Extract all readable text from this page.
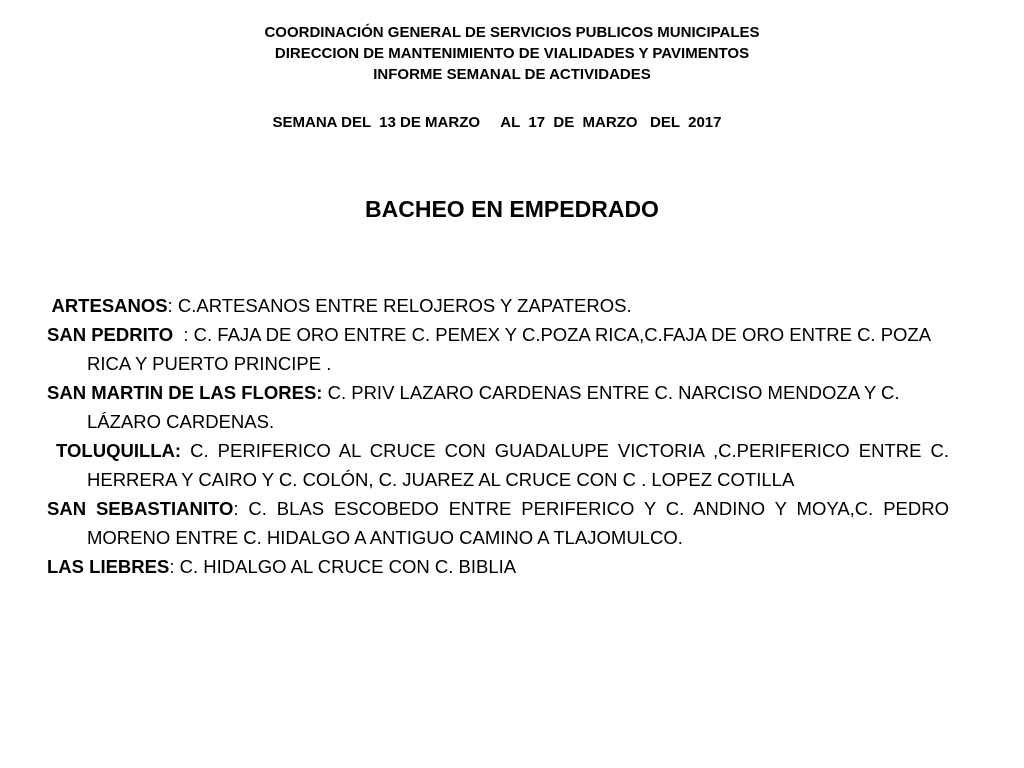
COORDINACIÓN GENERAL DE SERVICIOS PUBLICOS MUNICIPALES
DIRECCION DE MANTENIMIENTO DE VIALIDADES Y PAVIMENTOS
INFORME SEMANAL DE ACTIVIDADES
SEMANA DEL  13 DE MARZO     AL  17  DE  MARZO   DEL  2017
BACHEO EN EMPEDRADO

ARTESANOS: C.ARTESANOS ENTRE RELOJEROS Y ZAPATEROS.

SAN PEDRITO  : C. FAJA DE ORO ENTRE C. PEMEX Y C.POZA RICA,C.FAJA DE ORO ENTRE C. POZA RICA Y PUERTO PRINCIPE .

SAN MARTIN DE LAS FLORES: C. PRIV LAZARO CARDENAS ENTRE C. NARCISO MENDOZA Y C. LÁZARO CARDENAS.

TOLUQUILLA: C. PERIFERICO AL CRUCE CON GUADALUPE VICTORIA ,C.PERIFERICO ENTRE C. HERRERA Y CAIRO Y C. COLÓN, C. JUAREZ AL CRUCE CON C . LOPEZ COTILLA

SAN SEBASTIANITO: C. BLAS ESCOBEDO ENTRE PERIFERICO Y C. ANDINO Y MOYA,C. PEDRO MORENO ENTRE C. HIDALGO A ANTIGUO CAMINO A TLAJOMULCO.

LAS LIEBRES: C. HIDALGO AL CRUCE CON C. BIBLIA
